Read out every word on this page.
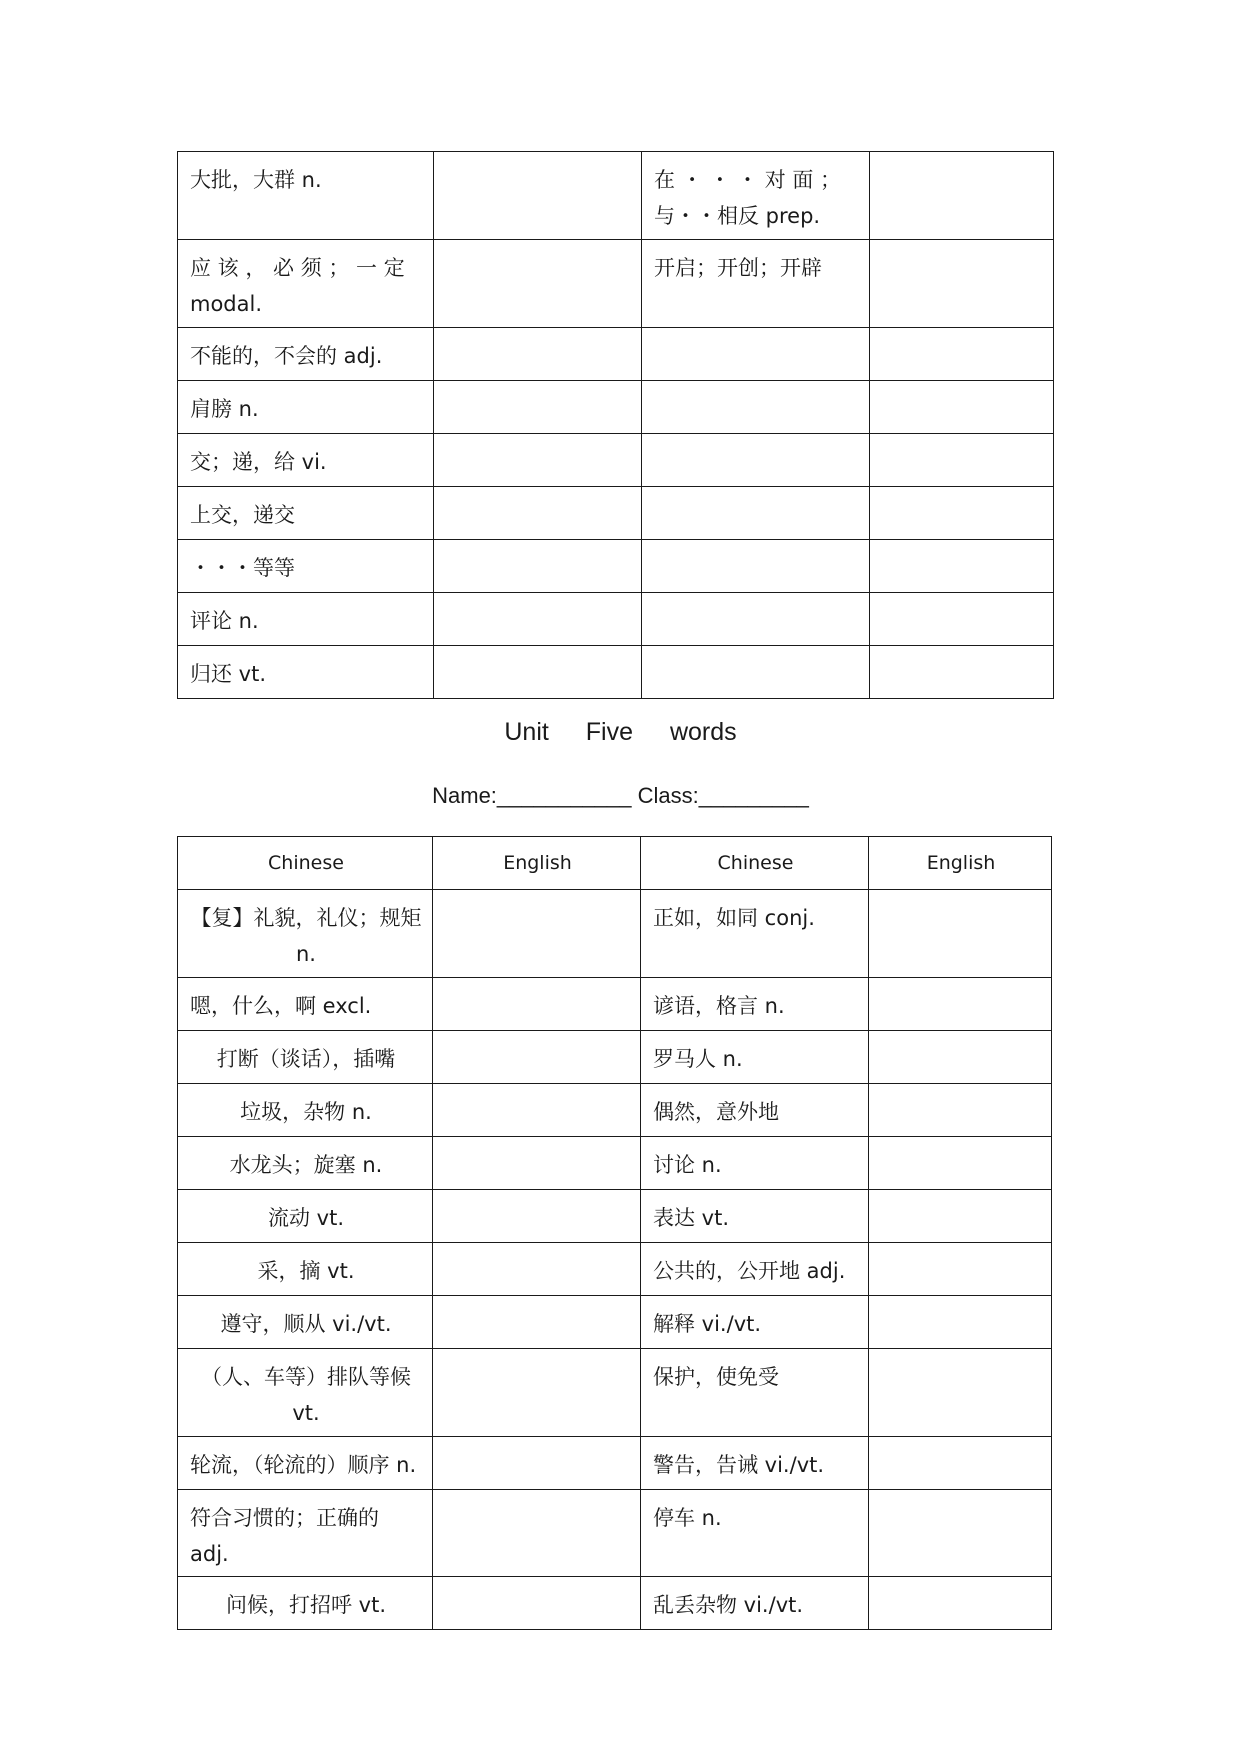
大批，大群 n.		在 ・ ・ ・ 对 面 ；与・・相反 prep.	
应 该 ， 必 须 ； 一 定 modal.		开启；开创；开辟	
不能的，不会的 adj.			
肩膀 n.			
交；递，给 vi.			
上交，递交			
・・・等等			
评论 n.			
归还 vt.			
Unit Five words
Name:___________ Class:_________
Chinese	English	Chinese	English
【复】礼貌，礼仪；规矩 n.		正如，如同 conj.	
嗯，什么，啊 excl.		谚语，格言 n.	
打断（谈话），插嘴		罗马人 n.	
垃圾，杂物 n.		偶然，意外地	
水龙头；旋塞 n.		讨论 n.	
流动 vt.		表达 vt.	
采，摘 vt.		公共的，公开地 adj.	
遵守，顺从 vi./vt.		解释 vi./vt.	
（人、车等）排队等候 vt.		保护，使免受	
轮流，（轮流的）顺序 n.		警告，告诫 vi./vt.	
符合习惯的；正确的 adj.		停车 n.	
问候，打招呼 vt.		乱丢杂物 vi./vt.	
